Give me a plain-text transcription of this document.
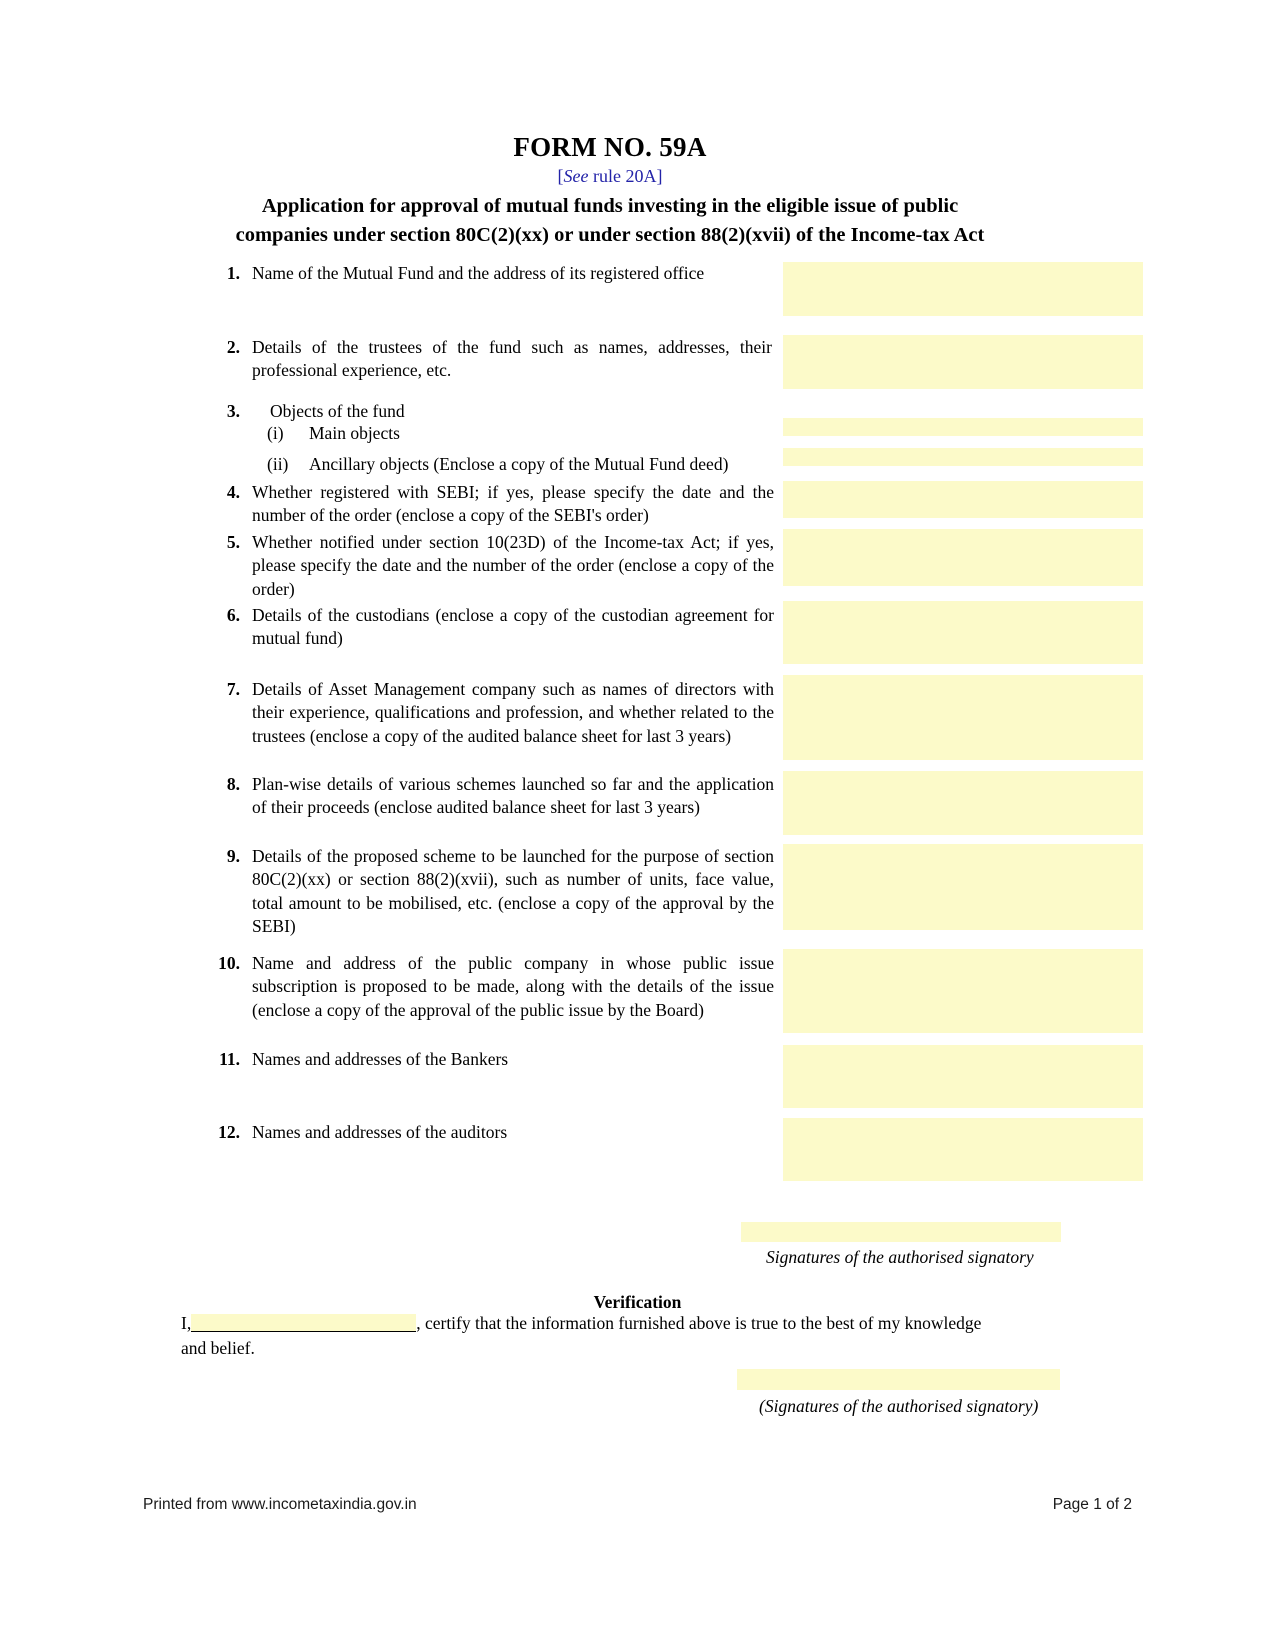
FORM NO. 59A
[See rule 20A]
Application for approval of mutual funds investing in the eligible issue of public
companies under section 80C(2)(xx) or under section 88(2)(xvii) of the Income-tax Act
1. Name of the Mutual Fund and the address of its registered office
2. Details of the trustees of the fund such as names, addresses, their professional experience, etc.
3. Objects of the fund
(i)	Main objects
(ii)	Ancillary objects (Enclose a copy of the Mutual Fund deed)
4. Whether registered with SEBI; if yes, please specify the date and the number of the order (enclose a copy of the SEBI's order)
5. Whether notified under section 10(23D) of the Income-tax Act; if yes, please specify the date and the number of the order (enclose a copy of the order)
6. Details of the custodians (enclose a copy of the custodian agreement for mutual fund)
7. Details of Asset Management company such as names of directors with their experience, qualifications and profession, and whether related to the trustees (enclose a copy of the audited balance sheet for last 3 years)
8. Plan-wise details of various schemes launched so far and the application of their proceeds (enclose audited balance sheet for last 3 years)
9. Details of the proposed scheme to be launched for the purpose of section 80C(2)(xx) or section 88(2)(xvii), such as number of units, face value, total amount to be mobilised, etc. (enclose a copy of the approval by the SEBI)
10. Name and address of the public company in whose public issue subscription is proposed to be made, along with the details of the issue (enclose a copy of the approval of the public issue by the Board)
11. Names and addresses of the Bankers
12. Names and addresses of the auditors
Signatures of the authorised signatory
Verification
I,	, certify that the information furnished above is true to the best of my knowledge
and belief.
(Signatures of the authorised signatory)
Printed from www.incometaxindia.gov.in	Page 1 of 2
